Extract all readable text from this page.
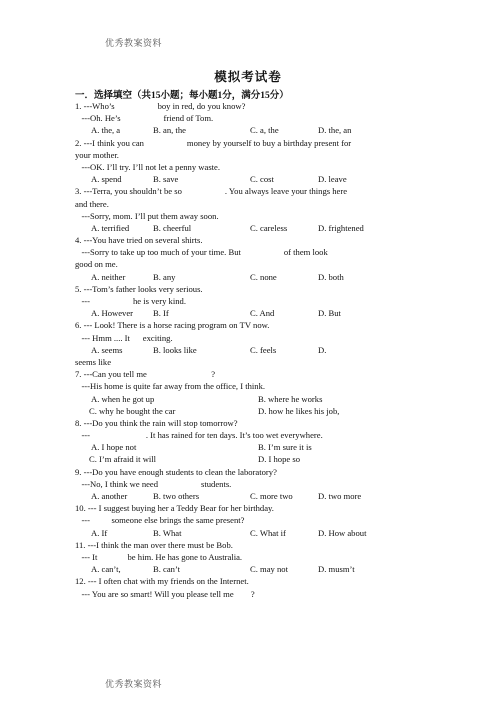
优秀教案资料
模拟考试卷
一．选择填空（共15小题；每小题1分，满分15分）
1. ---Who’s                    boy in red, do you know?
---Oh. He’s                    friend of Tom.
A. the, a	B. an, the	C. a, the	D. the, an
2. ---I think you can                    money by yourself to buy a birthday present for
your mother.
---OK. I’ll try. I’ll not let a penny waste.
A. spend	B. save	C. cost	D. leave
3. ---Terra, you shouldn’t be so                    . You always leave your things here
and there.
---Sorry, mom. I’ll put them away soon.
A. terrified	B. cheerful	C. careless	D. frightened
4. ---You have tried on several shirts.
---Sorry to take up too much of your time. But                    of them look
good on me.
A. neither	B. any	C. none	D. both
5. ---Tom’s father looks very serious.
---                    he is very kind.
A. However B. If	C. And	D. But
6. --- Look! There is a horse racing program on TV now.
--- Hmm .... It      exciting.
A. seems	B. looks like	C. feels	D.
seems like
7. ---Can you tell me                              ?
---His home is quite far away from the office, I think.
A. when he got up	B. where he works
C. why he bought the car	D. how he likes his job,
8. ---Do you think the rain will stop tomorrow?
---                          . It has rained for ten days. It’s too wet everywhere.
A. I hope not	B. I’m sure it is
C. I’m afraid it will	D. I hope so
9. ---Do you have enough students to clean the laboratory?
---No, I think we need                    students.
A. another	B. two others	C. more two	D. two more
10. --- I suggest buying her a Teddy Bear for her birthday.
---          someone else brings the same present?
A. If	B. What	C. What if	D. How about
11. ---I think the man over there must be Bob.
--- It              be him. He has gone to Australia.
A. can’t,	B. can’t	C. may not	D. musm’t
12. --- I often chat with my friends on the Internet.
--- You are so smart! Will you please tell me        ?
优秀教案资料
